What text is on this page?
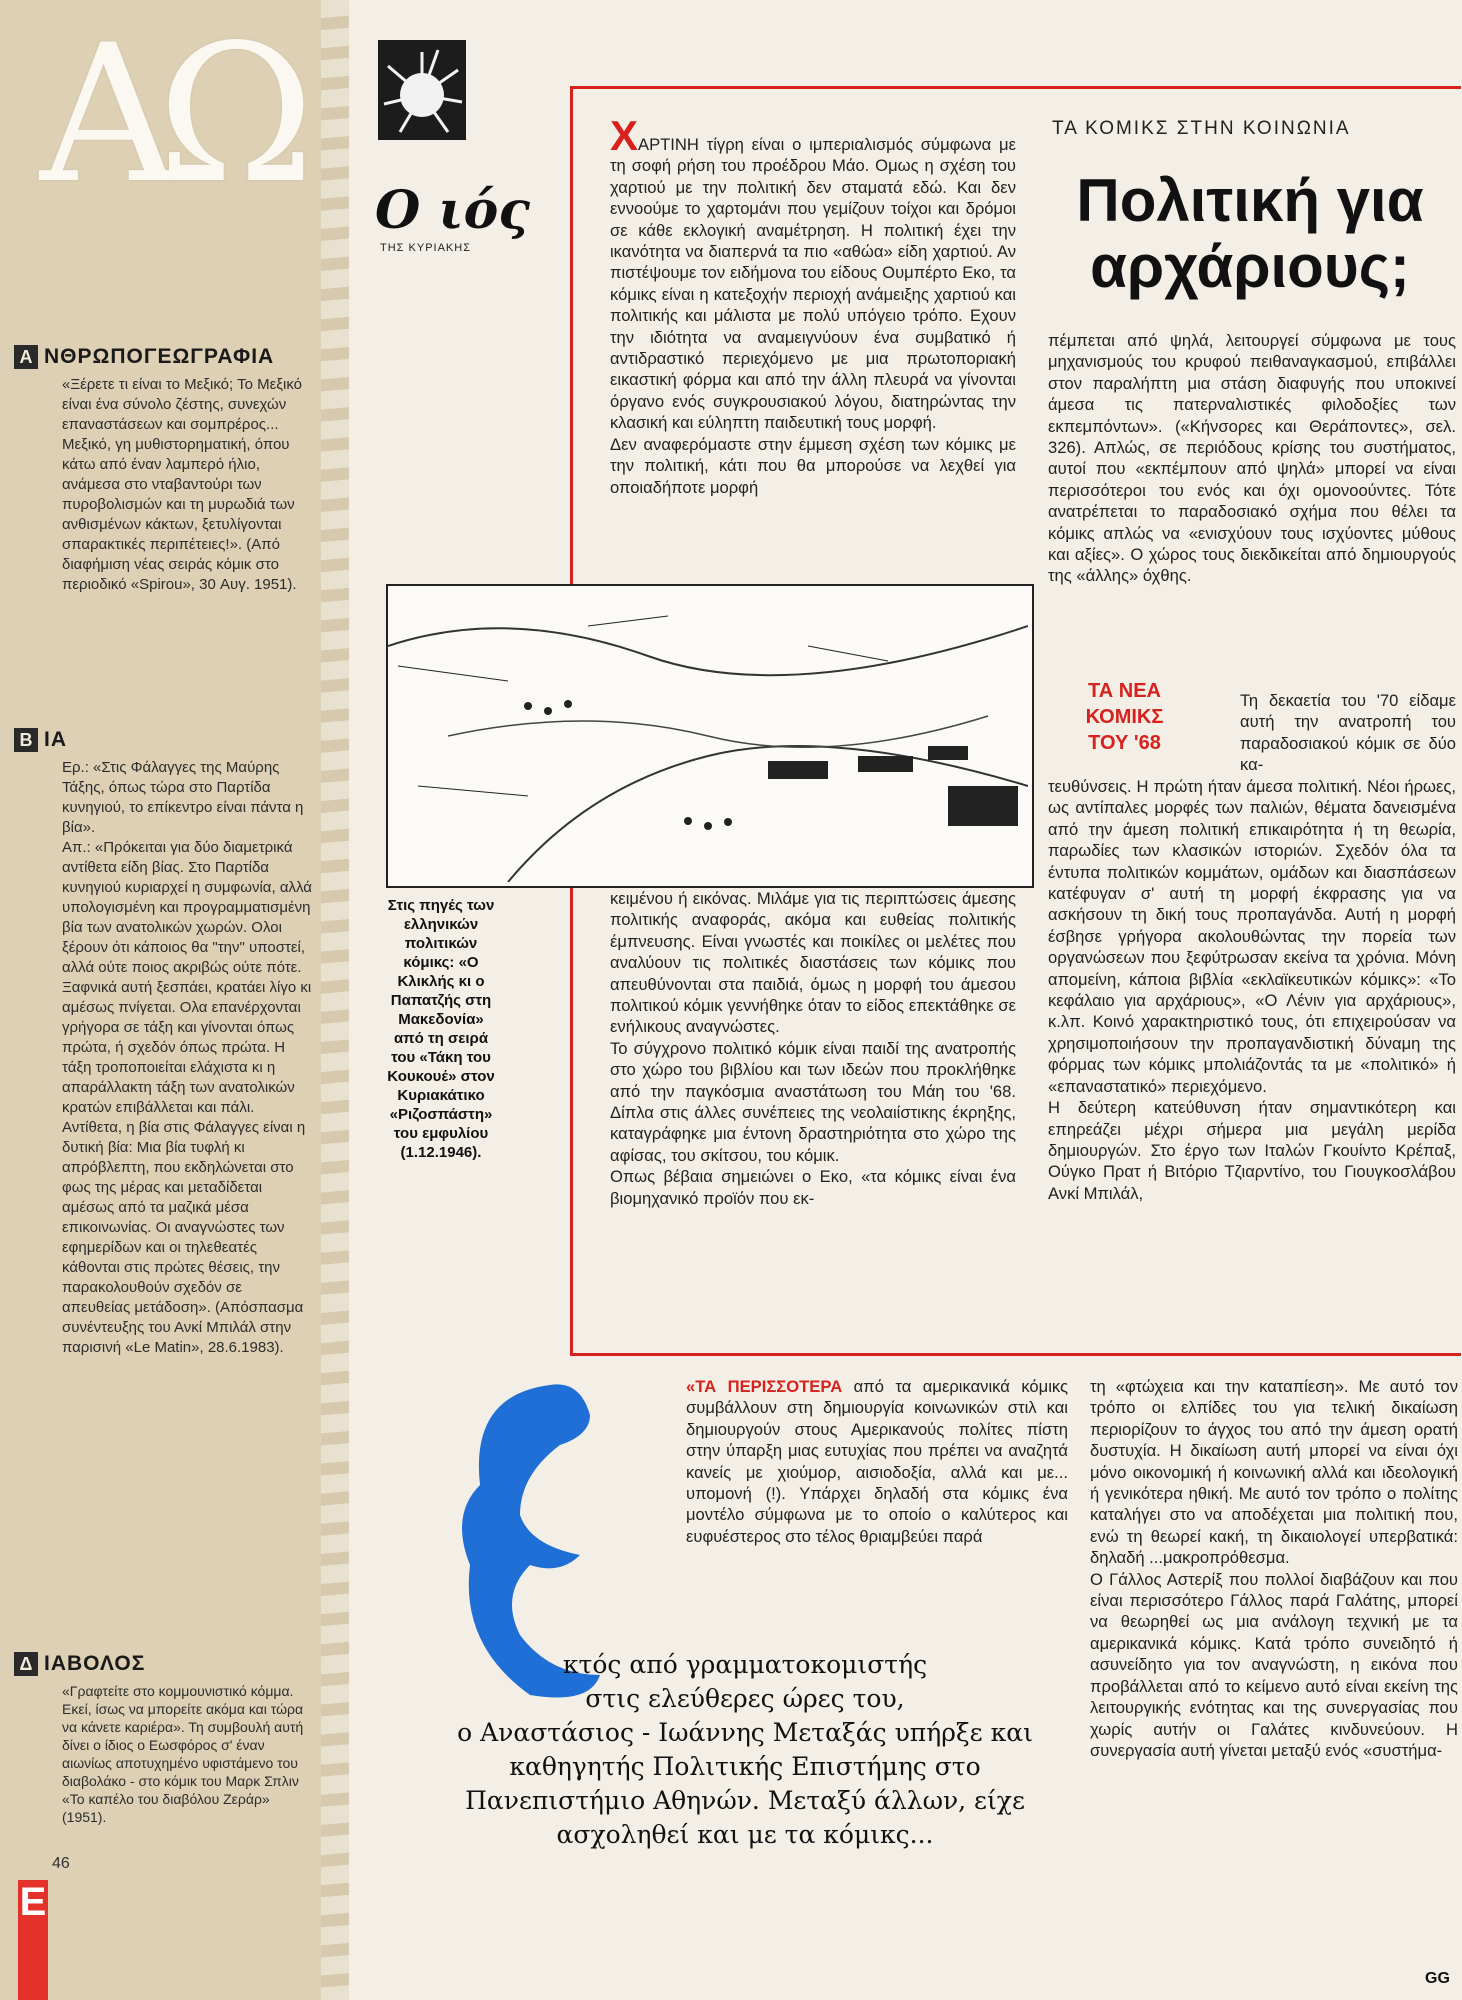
ΑΩ
Α ΝΘΡΩΠΟΓΕΩΓΡΑΦΙΑ
«Ξέρετε τι είναι το Μεξικό; Το Μεξικό είναι ένα σύνολο ζέστης, συνεχών επαναστάσεων και σομπρέρος... Μεξικό, γη μυθιστορηματική, όπου κάτω από έναν λαμπερό ήλιο, ανάμεσα στο νταβαντούρι των πυροβολισμών και τη μυρωδιά των ανθισμένων κάκτων, ξετυλίγονται σπαρακτικές περιπέτειες!». (Από διαφήμιση νέας σειράς κόμικ στο περιοδικό «Spirou», 30 Αυγ. 1951).
Β ΙΑ
Ερ.: «Στις Φάλαγγες της Μαύρης Τάξης, όπως τώρα στο Παρτίδα κυνηγιού, το επίκεντρο είναι πάντα η βία».
Απ.: «Πρόκειται για δύο διαμετρικά αντίθετα είδη βίας. Στο Παρτίδα κυνηγιού κυριαρχεί η συμφωνία, αλλά υπολογισμένη και προγραμματισμένη βία των ανατολικών χωρών. Ολοι ξέρουν ότι κάποιος θα "την" υποστεί, αλλά ούτε ποιος ακριβώς ούτε πότε. Ξαφνικά αυτή ξεσπάει, κρατάει λίγο κι αμέσως πνίγεται. Ολα επανέρχονται γρήγορα σε τάξη και γίνονται όπως πρώτα, ή σχεδόν όπως πρώτα. Η τάξη τροποποιείται ελάχιστα κι η απαράλλακτη τάξη των ανατολικών κρατών επιβάλλεται και πάλι.
Αντίθετα, η βία στις Φάλαγγες είναι η δυτική βία: Μια βία τυφλή κι απρόβλεπτη, που εκδηλώνεται στο φως της μέρας και μεταδίδεται αμέσως από τα μαζικά μέσα επικοινωνίας. Οι αναγνώστες των εφημερίδων και οι τηλεθεατές κάθονται στις πρώτες θέσεις, την παρακολουθούν σχεδόν σε απευθείας μετάδοση». (Απόσπασμα συνέντευξης του Ανκί Μπιλάλ στην παρισινή «Le Matin», 28.6.1983).
Δ ΙΑΒΟΛΟΣ
«Γραφτείτε στο κομμουνιστικό κόμμα. Εκεί, ίσως να μπορείτε ακόμα και τώρα να κάνετε καριέρα». Τη συμβουλή αυτή δίνει ο ίδιος ο Εωσφόρος σ' έναν αιωνίως αποτυχημένο υφιστάμενο του διαβολάκο - στο κόμικ του Μαρκ Σπλιν «Το καπέλο του διαβόλου Ζεράρ» (1951).
46
Ε
Ο ιός
ΤΗΣ ΚΥΡΙΑΚΗΣ
ΤΑ ΚΟΜΙΚΣ ΣΤΗΝ ΚΟΙΝΩΝΙΑ
Πολιτική για αρχάριους;
ΧΑΡΤΙΝΗ τίγρη είναι ο ιμπεριαλισμός σύμφωνα με τη σοφή ρήση του προέδρου Μάο. Ομως η σχέση του χαρτιού με την πολιτική δεν σταματά εδώ. Και δεν εννοούμε το χαρτομάνι που γεμίζουν τοίχοι και δρόμοι σε κάθε εκλογική αναμέτρηση. Η πολιτική έχει την ικανότητα να διαπερνά τα πιο «αθώα» είδη χαρτιού. Αν πιστέψουμε τον ειδήμονα του είδους Ουμπέρτο Εκο, τα κόμικς είναι η κατεξοχήν περιοχή ανάμειξης χαρτιού και πολιτικής και μάλιστα με πολύ υπόγειο τρόπο. Εχουν την ιδιότητα να αναμειγνύουν ένα συμβατικό ή αντιδραστικό περιεχόμενο με μια πρωτοποριακή εικαστική φόρμα και από την άλλη πλευρά να γίνονται όργανο ενός συγκρουσιακού λόγου, διατηρώντας την κλασική και εύληπτη παιδευτική τους μορφή.
Δεν αναφερόμαστε στην έμμεση σχέση των κόμικς με την πολιτική, κάτι που θα μπορούσε να λεχθεί για οποιαδήποτε μορφή
Στις πηγές των ελληνικών πολιτικών κόμικς: «Ο Κλικλής κι ο Παπατζής στη Μακεδονία» από τη σειρά του «Τάκη του Κουκουέ» στον Κυριακάτικο «Ριζοσπάστη» του εμφυλίου (1.12.1946).
κειμένου ή εικόνας. Μιλάμε για τις περιπτώσεις άμεσης πολιτικής αναφοράς, ακόμα και ευθείας πολιτικής έμπνευσης. Είναι γνωστές και ποικίλες οι μελέτες που αναλύουν τις πολιτικές διαστάσεις των κόμικς που απευθύνονται στα παιδιά, όμως η μορφή του άμεσου πολιτικού κόμικ γεννήθηκε όταν το είδος επεκτάθηκε σε ενήλικους αναγνώστες.
Το σύγχρονο πολιτικό κόμικ είναι παιδί της ανατροπής στο χώρο του βιβλίου και των ιδεών που προκλήθηκε από την παγκόσμια αναστάτωση του Μάη του '68. Δίπλα στις άλλες συνέπειες της νεολαιίστικης έκρηξης, καταγράφηκε μια έντονη δραστηριότητα στο χώρο της αφίσας, του σκίτσου, του κόμικ.
Οπως βέβαια σημειώνει ο Εκο, «τα κόμικς είναι ένα βιομηχανικό προϊόν που εκ-
πέμπεται από ψηλά, λειτουργεί σύμφωνα με τους μηχανισμούς του κρυφού πειθαναγκασμού, επιβάλλει στον παραλήπτη μια στάση διαφυγής που υποκινεί άμεσα τις πατερναλιστικές φιλοδοξίες των εκπεμπόντων». («Κήνσορες και Θεράποντες», σελ. 326). Απλώς, σε περιόδους κρίσης του συστήματος, αυτοί που «εκπέμπουν από ψηλά» μπορεί να είναι περισσότεροι του ενός και όχι ομονοούντες. Τότε ανατρέπεται το παραδοσιακό σχήμα που θέλει τα κόμικς απλώς να «ενισχύουν τους ισχύοντες μύθους και αξίες». Ο χώρος τους διεκδικείται από δημιουργούς της «άλλης» όχθης.
ΤΑ ΝΕΑ
ΚΟΜΙΚΣ
ΤΟΥ '68
Τη δεκαετία του '70 είδαμε αυτή την ανατροπή του παραδοσιακού κόμικ σε δύο κα-
τευθύνσεις. Η πρώτη ήταν άμεσα πολιτική. Νέοι ήρωες, ως αντίπαλες μορφές των παλιών, θέματα δανεισμένα από την άμεση πολιτική επικαιρότητα ή τη θεωρία, παρωδίες των κλασικών ιστοριών. Σχεδόν όλα τα έντυπα πολιτικών κομμάτων, ομάδων και διασπάσεων κατέφυγαν σ' αυτή τη μορφή έκφρασης για να ασκήσουν τη δική τους προπαγάνδα. Αυτή η μορφή έσβησε γρήγορα ακολουθώντας την πορεία των οργανώσεων που ξεφύτρωσαν εκείνα τα χρόνια. Μόνη απομείνη, κάποια βιβλία «εκλαϊκευτικών κόμικς»: «Το κεφάλαιο για αρχάριους», «Ο Λένιν για αρχάριους», κ.λπ. Κοινό χαρακτηριστικό τους, ότι επιχειρούσαν να χρησιμοποιήσουν την προπαγανδιστική δύναμη της φόρμας των κόμικς μπολιάζοντάς τα με «πολιτικό» ή «επαναστατικό» περιεχόμενο.
Η δεύτερη κατεύθυνση ήταν σημαντικότερη και επηρεάζει μέχρι σήμερα μια μεγάλη μερίδα δημιουργών. Στο έργο των Ιταλών Γκουίντο Κρέπαξ, Ούγκο Πρατ ή Βιτόριο Τζιαρντίνο, του Γιουγκοσλάβου Ανκί Μπιλάλ,
«ΤΑ ΠΕΡΙΣΣΟΤΕΡΑ από τα αμερικανικά κόμικς συμβάλλουν στη δημιουργία κοινωνικών στιλ και δημιουργούν στους Αμερικανούς πολίτες πίστη στην ύπαρξη μιας ευτυχίας που πρέπει να αναζητά κανείς με χιούμορ, αισιοδοξία, αλλά και με... υπομονή (!). Υπάρχει δηλαδή στα κόμικς ένα μοντέλο σύμφωνα με το οποίο ο καλύτερος και ευφυέστερος στο τέλος θριαμβεύει παρά
τη «φτώχεια και την καταπίεση». Με αυτό τον τρόπο οι ελπίδες του για τελική δικαίωση περιορίζουν το άγχος του από την άμεση ορατή δυστυχία. Η δικαίωση αυτή μπορεί να είναι όχι μόνο οικονομική ή κοινωνική αλλά και ιδεολογική ή γενικότερα ηθική. Με αυτό τον τρόπο ο πολίτης καταλήγει στο να αποδέχεται μια πολιτική που, ενώ τη θεωρεί κακή, τη δικαιολογεί υπερβατικά: δηλαδή ...μακροπρόθεσμα.
Ο Γάλλος Αστερίξ που πολλοί διαβάζουν και που είναι περισσότερο Γάλλος παρά Γαλάτης, μπορεί να θεωρηθεί ως μια ανάλογη τεχνική με τα αμερικανικά κόμικς. Κατά τρόπο συνειδητό ή ασυνείδητο για τον αναγνώστη, η εικόνα που προβάλλεται από το κείμενο αυτό είναι εκείνη της λειτουργικής ενότητας και της συνεργασίας που χωρίς αυτήν οι Γαλάτες κινδυνεύουν. Η συνεργασία αυτή γίνεται μεταξύ ενός «συστήμα-
κτός από γραμματοκομιστής
στις ελεύθερες ώρες του,
ο Αναστάσιος - Ιωάννης Μεταξάς υπήρξε και
καθηγητής Πολιτικής Επιστήμης στο
Πανεπιστήμιο Αθηνών. Μεταξύ άλλων, είχε
ασχοληθεί και με τα κόμικς...
GG
